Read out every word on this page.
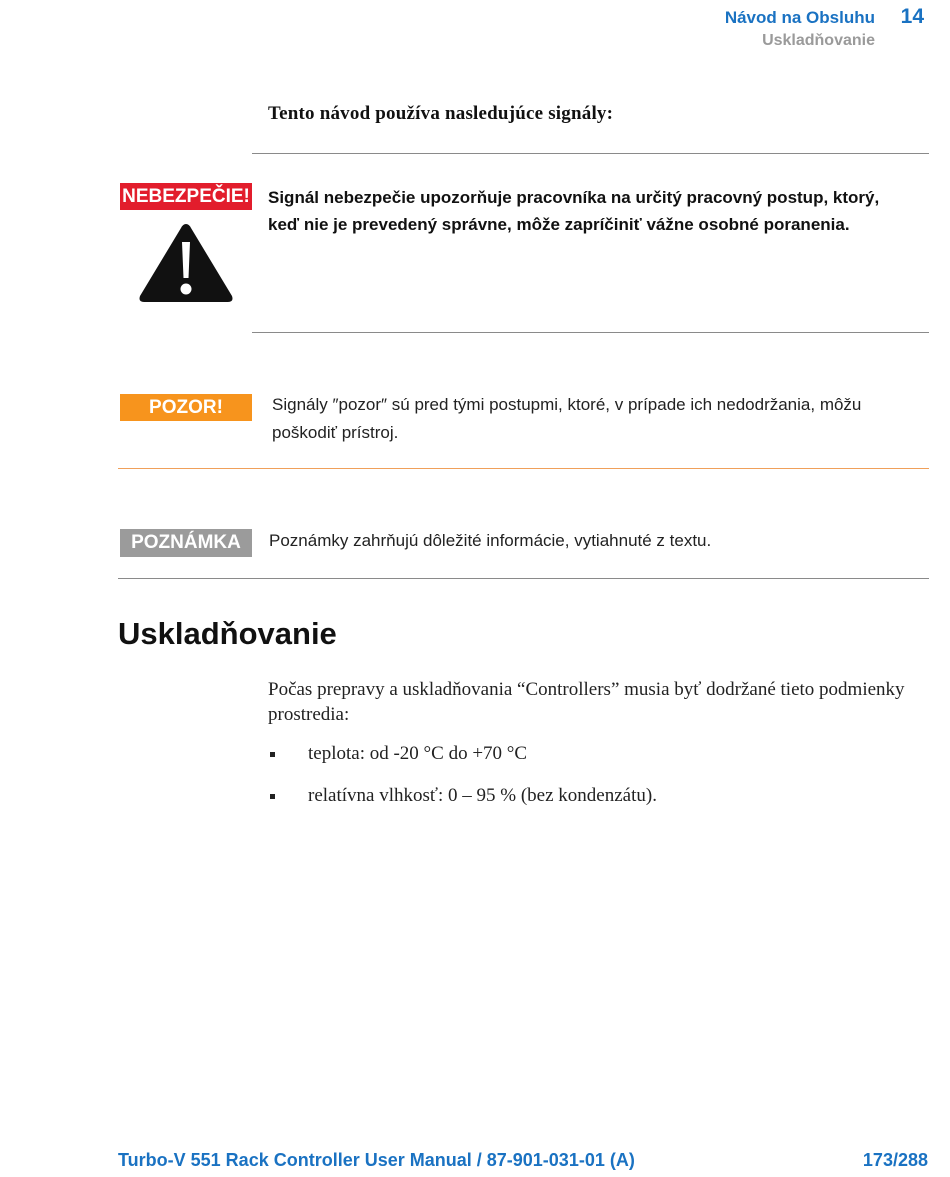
Návod na Obsluhu 14
Uskladňovanie
Tento návod používa nasledujúce signály:
NEBEZPEČIE! Signál nebezpečie upozorňuje pracovníka na určitý pracovný postup, ktorý, keď nie je prevedený správne, môže zapríčiniť vážne osobné poranenia.
POZOR!	Signály ″pozor″ sú pred tými postupmi, ktoré, v prípade ich nedodržania, môžu poškodiť prístroj.
POZNÁMKA	Poznámky zahrňujú dôležité informácie, vytiahnuté z textu.
Uskladňovanie
Počas prepravy a uskladňovania “Controllers” musia byť dodržané tieto podmienky prostredia:
teplota: od -20 °C do +70 °C
relatívna vlhkosť: 0 – 95 % (bez kondenzátu).
Turbo-V 551 Rack Controller User Manual / 87-901-031-01 (A)	173/288
